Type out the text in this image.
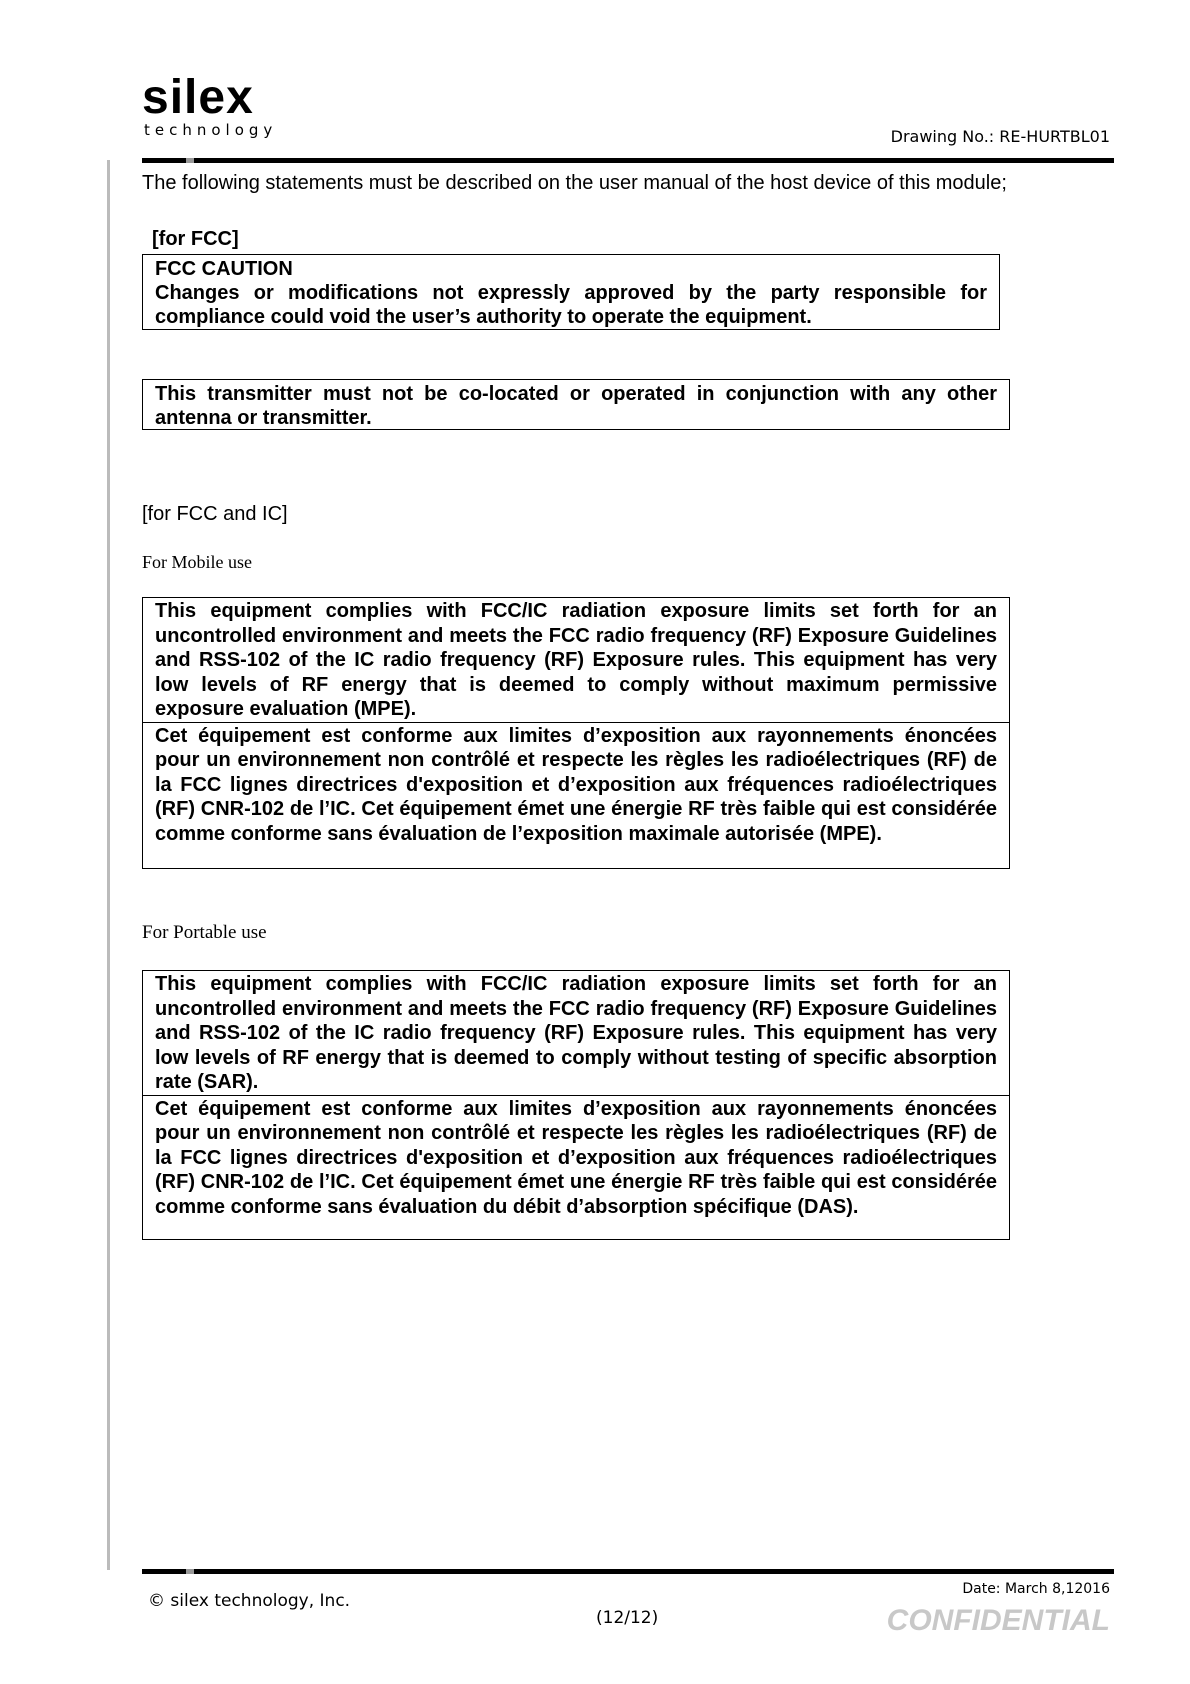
silex
technology	Drawing No.: RE-HURTBL01
The following statements must be described on the user manual of the host device of this module;
[for FCC]
FCC CAUTION
Changes or modifications not expressly approved by the party responsible for compliance could void the user’s authority to operate the equipment.
This transmitter must not be co-located or operated in conjunction with any other antenna or transmitter.
[for FCC and IC]
For Mobile use
This equipment complies with FCC/IC radiation exposure limits set forth for an uncontrolled environment and meets the FCC radio frequency (RF) Exposure Guidelines and RSS-102 of the IC radio frequency (RF) Exposure rules. This equipment has very low levels of RF energy that is deemed to comply without maximum permissive exposure evaluation (MPE).
Cet équipement est conforme aux limites d’exposition aux rayonnements énoncées pour un environnement non contrôlé et respecte les règles les radioélectriques (RF) de la FCC lignes directrices d'exposition et d’exposition aux fréquences radioélectriques (RF) CNR-102 de l’IC. Cet équipement émet une énergie RF très faible qui est considérée comme conforme sans évaluation de l’exposition maximale autorisée (MPE).
For Portable use
This equipment complies with FCC/IC radiation exposure limits set forth for an uncontrolled environment and meets the FCC radio frequency (RF) Exposure Guidelines and RSS-102 of the IC radio frequency (RF) Exposure rules. This equipment has very low levels of RF energy that is deemed to comply without testing of specific absorption rate (SAR).
Cet équipement est conforme aux limites d’exposition aux rayonnements énoncées pour un environnement non contrôlé et respecte les règles les radioélectriques (RF) de la FCC lignes directrices d'exposition et d’exposition aux fréquences radioélectriques (RF) CNR-102 de l’IC. Cet équipement émet une énergie RF très faible qui est considérée comme conforme sans évaluation du débit d’absorption spécifique (DAS).
© silex technology, Inc.
(12/12)
Date: March 8,12016
CONFIDENTIAL
